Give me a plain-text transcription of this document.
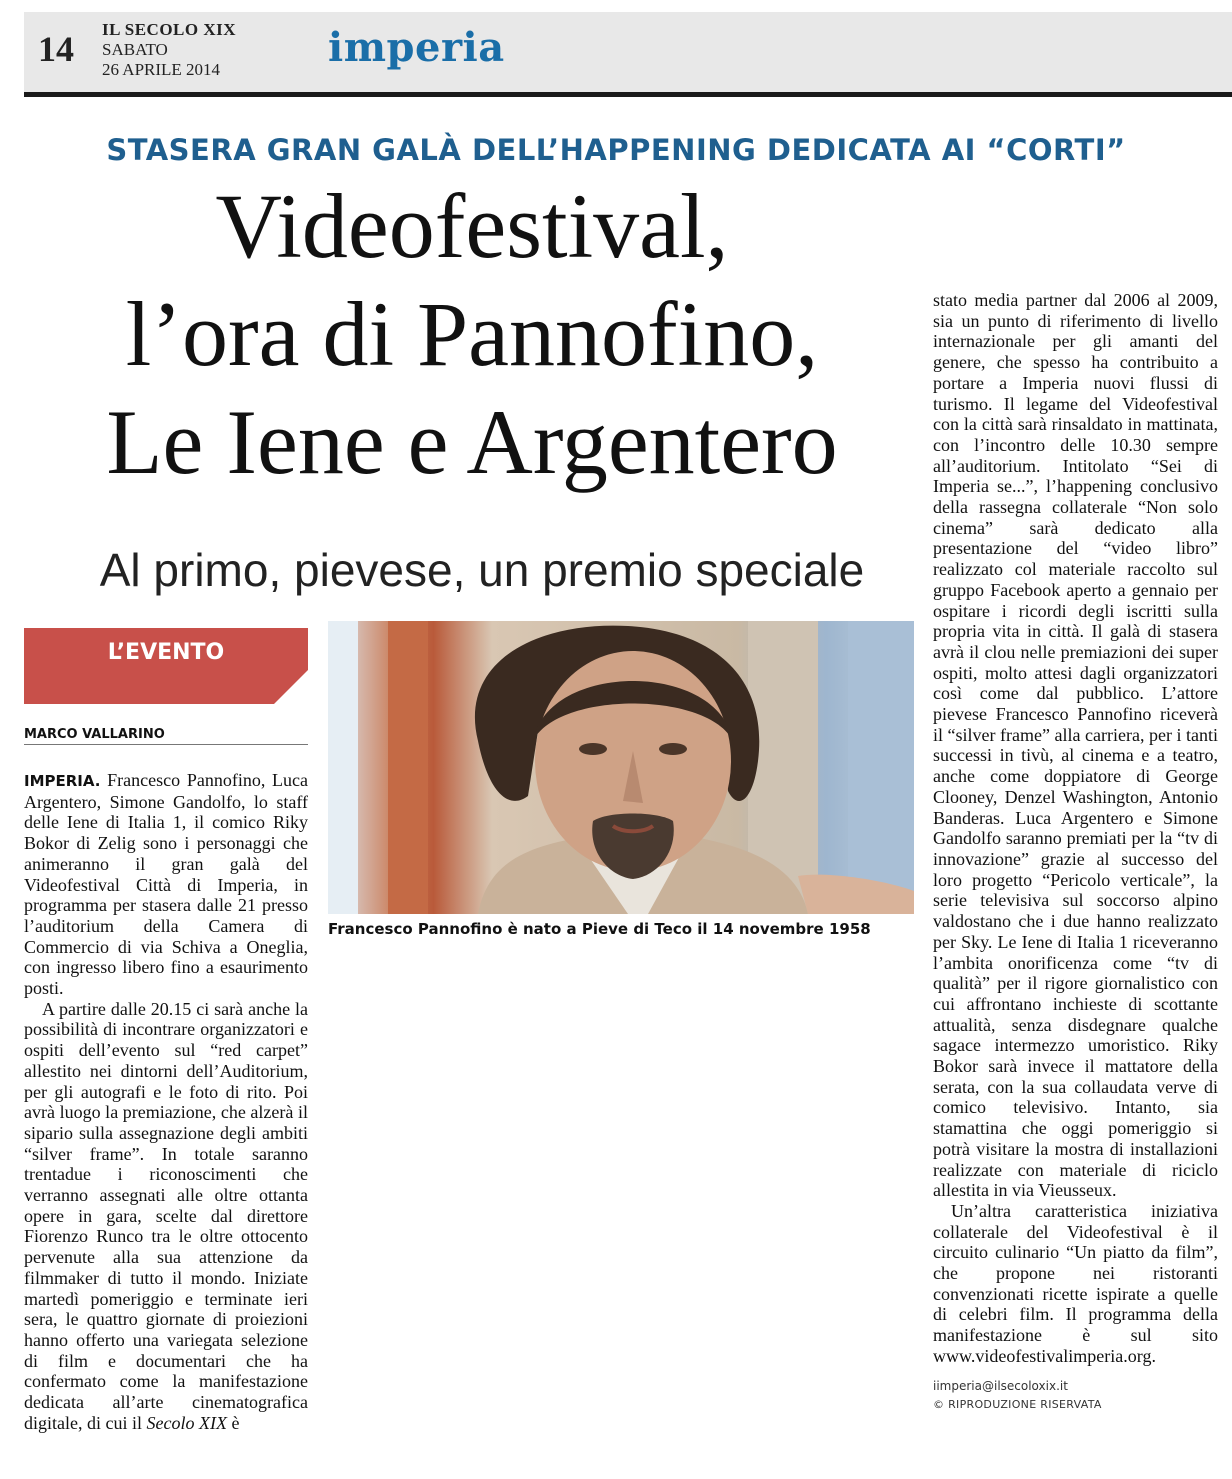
14 IL SECOLO XIX
SABATO
26 APRILE 2014	imperia
STASERA GRAN GALÀ DELL’HAPPENING DEDICATA AI “CORTI”
Videofestival,
l’ora di Pannofino,
Le Iene e Argentero
Al primo, pievese, un premio speciale
L’EVENTO
MARCO VALLARINO

IMPERIA. Francesco Pannofino, Luca Argentero, Simone Gandolfo, lo staff delle Iene di Italia 1, il comico Riky Bokor di Zelig sono i personaggi che animeranno il gran galà del Videofestival Città di Imperia, in programma per stasera dalle 21 presso l’auditorium della Camera di Commercio di via Schiva a Oneglia, con ingresso libero fino a esaurimento posti.

A partire dalle 20.15 ci sarà anche la possibilità di incontrare organizzatori e ospiti dell’evento sul “red carpet” allestito nei dintorni dell’Auditorium, per gli autografi e le foto di rito. Poi avrà luogo la premiazione, che alzerà il sipario sulla assegnazione degli ambiti “silver frame”. In totale saranno trentadue i riconoscimenti che verranno assegnati alle oltre ottanta opere in gara, scelte dal direttore Fiorenzo Runco tra le oltre ottocento pervenute alla sua attenzione da filmmaker di tutto il mondo. Iniziate martedì pomeriggio e terminate ieri sera, le quattro giornate di proiezioni hanno offerto una variegata selezione di film e documentari che ha confermato come la manifestazione dedicata all’arte cinematografica digitale, di cui il Secolo XIX è

Francesco Pannofino è nato a Pieve di Teco il 14 novembre 1958

stato media partner dal 2006 al 2009, sia un punto di riferimento di livello internazionale per gli amanti del genere, che spesso ha contribuito a portare a Imperia nuovi flussi di turismo. Il legame del Videofestival con la città sarà rinsaldato in mattinata, con l’incontro delle 10.30 sempre all’auditorium. Intitolato “Sei di Imperia se...”, l’happening conclusivo della rassegna collaterale “Non solo cinema” sarà dedicato alla presentazione del “video libro” realizzato col materiale raccolto sul gruppo Facebook aperto a gennaio per ospitare i ricordi degli iscritti sulla propria vita in città. Il galà di stasera avrà il clou nelle premiazioni dei super ospiti, molto attesi dagli organizzatori così come dal pubblico. L’attore pievese Francesco Pannofino riceverà il “silver frame” alla carriera, per i tanti successi in tivù, al cinema e a teatro, anche come doppiatore di George Clooney, Denzel Washington, Antonio Banderas. Luca Argentero e Simone Gandolfo saranno premiati per la “tv di innovazione” grazie al successo del loro progetto “Pericolo verticale”, la serie televisiva sul soccorso alpino valdostano che i due hanno realizzato per Sky. Le Iene di Italia 1 riceveranno l’ambita onorificenza come “tv di qualità” per il rigore giornalistico con cui affrontano inchieste di scottante attualità, senza disdegnare qualche sagace intermezzo umoristico. Riky Bokor sarà invece il mattatore della serata, con la sua collaudata verve di comico televisivo. Intanto, sia stamattina che oggi pomeriggio si potrà visitare la mostra di installazioni realizzate con materiale di riciclo allestita in via Vieusseux.

Un’altra caratteristica iniziativa collaterale del Videofestival è il circuito culinario “Un piatto da film”, che propone nei ristoranti convenzionati ricette ispirate a quelle di celebri film. Il programma della manifestazione è sul sito www.videofestivalimperia.org.

iimperia@ilsecoloxix.it
© RIPRODUZIONE RISERVATA
